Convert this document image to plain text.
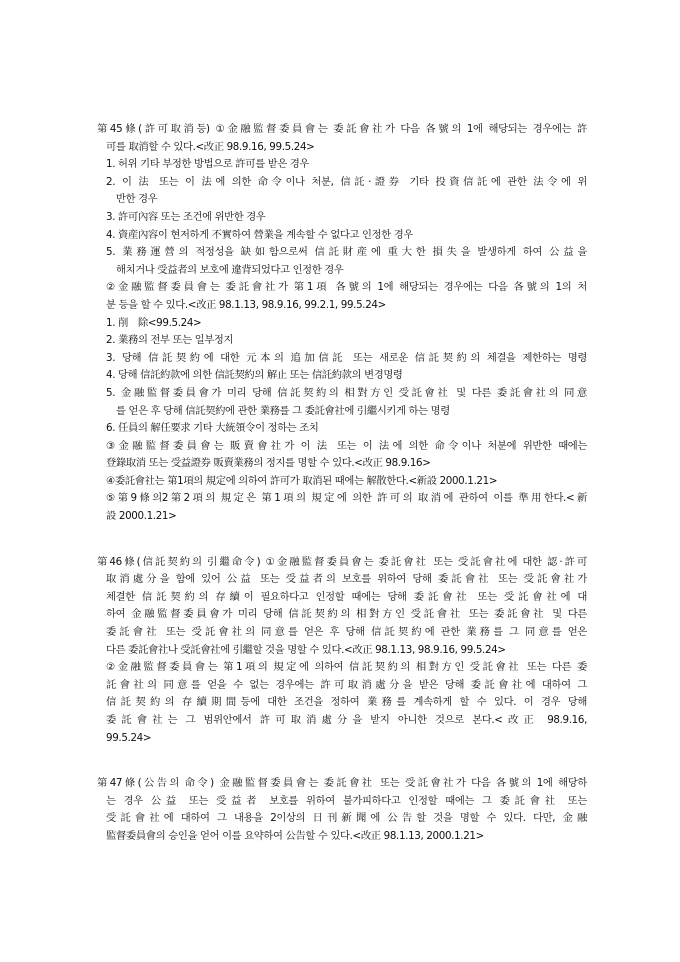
第45條(許可取消등) ①金融監督委員會는 委託會社가 다음 各號의 1에 해당되는 경우에는 許
可를 取消할 수 있다.<改正 98.9.16, 99.5.24>
1. 허위 기타 부정한 방법으로 許可를 받은 경우
2. 이 法 또는 이 法에 의한 命令이나 처분, 信託·證券 기타 投資信託에 관한 法令에 위
반한 경우
3. 許可內容 또는 조건에 위반한 경우
4. 資産內容이 현저하게 不實하여 營業을 계속할 수 없다고 인정한 경우
5. 業務運營의 적정성을 缺如함으로써 信託財産에 重大한 損失을 발생하게 하여 公益을
해치거나 受益者의 보호에 違背되었다고 인정한 경우
②金融監督委員會는 委託會社가 第1項 各號의 1에 해당되는 경우에는 다음 各號의 1의 처
분 등을 할 수 있다.<改正 98.1.13, 98.9.16, 99.2.1, 99.5.24>
1. 削　除<99.5.24>
2. 業務의 전부 또는 일부정지
3. 당해 信託契約에 대한 元本의 追加信託 또는 새로운 信託契約의 체결을 제한하는 명령
4. 당해 信託約款에 의한 信託契約의 解止 또는 信託約款의 변경명령
5. 金融監督委員會가 미리 당해 信託契約의 相對方인 受託會社 및 다른 委託會社의 同意
를 얻은 후 당해 信託契約에 관한 業務를 그 委託會社에 引繼시키게 하는 명령
6. 任員의 解任要求 기타 大統領令이 정하는 조치
③金融監督委員會는 販賣會社가 이 法 또는 이 法에 의한 命令이나 처분에 위반한 때에는
登錄取消 또는 受益證券 販賣業務의 정지를 명할 수 있다.<改正 98.9.16>
④委託會社는 第1項의 規定에 의하여 許可가 取消된 때에는 解散한다.<新設 2000.1.21>
⑤第9條의2第2項의 規定은 第1項의 規定에 의한 許可의 取消에 관하여 이를 準用한다.<新
設 2000.1.21>
第46條(信託契約의 引繼命令) ①金融監督委員會는 委託會社 또는 受託會社에 대한 認·許可
取消處分을 함에 있어 公益 또는 受益者의 보호를 위하여 당해 委託會社 또는 受託會社가
체결한 信託契約의 存續이 필요하다고 인정할 때에는 당해 委託會社 또는 受託會社에 대
하여 金融監督委員會가 미리 당해 信託契約의 相對方인 受託會社 또는 委託會社 및 다른
委託會社 또는 受託會社의 同意를 얻은 후 당해 信託契約에 관한 業務를 그 同意를 얻은
다른 委託會社나 受託會社에 引繼할 것을 명할 수 있다.<改正 98.1.13, 98.9.16, 99.5.24>
②金融監督委員會는 第1項의 規定에 의하여 信託契約의 相對方인 受託會社 또는 다른 委
託會社의 同意를 얻을 수 없는 경우에는 許可取消處分을 받은 당해 委託會社에 대하여 그
信託契約의 存續期間등에 대한 조건을 정하여 業務를 계속하게 할 수 있다. 이 경우 당해
委託會社는 그 범위안에서 許可取消處分을 받지 아니한 것으로 본다.<改正 98.9.16,
99.5.24>
第47條(公告의 命令) 金融監督委員會는 委託會社 또는 受託會社가 다음 各號의 1에 해당하
는 경우 公益 또는 受益者 보호를 위하여 불가피하다고 인정할 때에는 그 委託會社 또는
受託會社에 대하여 그 내용을 2이상의 日刊新聞에 公告할 것을 명할 수 있다. 다만, 金融
監督委員會의 승인을 얻어 이를 요약하여 公告할 수 있다.<改正 98.1.13, 2000.1.21>
